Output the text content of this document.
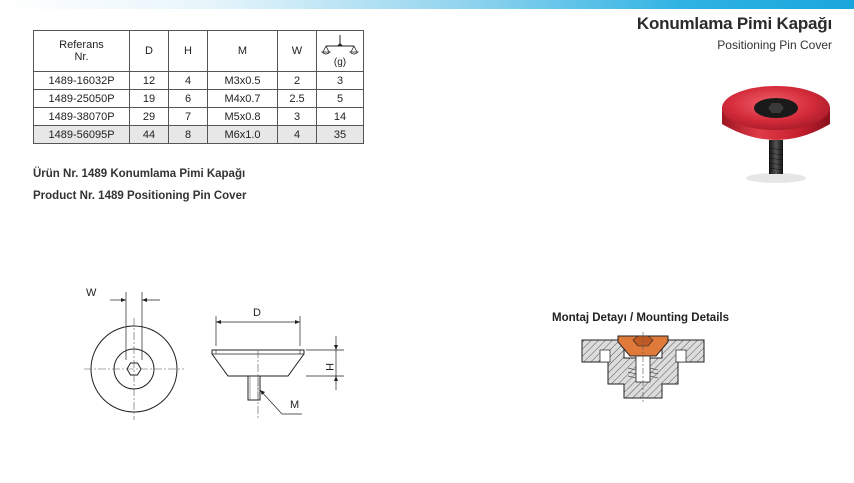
Konumlama Pimi Kapağı
Positioning Pin Cover
Referans
Nr.	D	H	M	W	(g)

1489-16032P	12	4	M3x0.5	2	3
1489-25050P	19	6	M4x0.7	2.5	5
1489-38070P	29	7	M5x0.8	3	14
1489-56095P	44	8	M6x1.0	4	35
Ürün Nr. 1489 Konumlama Pimi Kapağı
Product Nr. 1489 Positioning Pin Cover
W
D
H
M
Montaj Detayı / Mounting Details
